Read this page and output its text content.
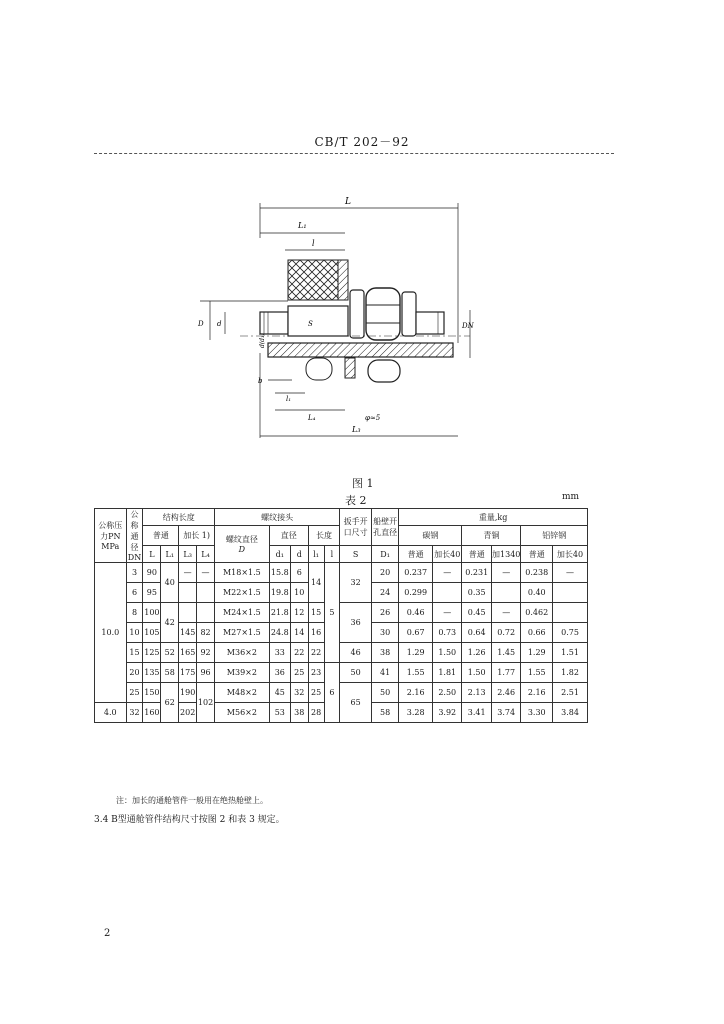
CB/T 202－92
L
L₁
l
S
D d
d(d₁)
DN
b
l₁
L₄	φ≈5
L₃
图 1
表 2	mm
公称压力PN MPa	公称通径DN	结构长度				螺纹接头					扳手开口尺寸	船壁开孔直径	重量,kg					
		普通		加长 1)		螺纹直径
D	直径		长度				碳钢		青铜		铝锌钢	
		L	L₁	L₃	L₄		d₁	d	l₁	l	S	D₁	普通	加长40	普通	加1340	普通	加长40
10.0	3	90	40	—	—	M18×1.5	15.8	6	14	5	32	20	0.237	—	0.231	—	0.238	—
	6	95				M22×1.5	19.8	10				24	0.299		0.35		0.40	
	8	100	42			M24×1.5	21.8	12	15		36	26	0.46	—	0.45	—	0.462	
	10	105		145	82	M27×1.5	24.8	14	16			30	0.67	0.73	0.64	0.72	0.66	0.75
	15	125	52	165	92	M36×2	33	22	22		46	38	1.29	1.50	1.26	1.45	1.29	1.51
	20	135	58	175	96	M39×2	36	25	23	6	50	41	1.55	1.81	1.50	1.77	1.55	1.82
	25	150	62	190	102	M48×2	45	32	25		65	50	2.16	2.50	2.13	2.46	2.16	2.51
4.0	32	160		202		M56×2	53	38	28			58	3.28	3.92	3.41	3.74	3.30	3.84
注：加长的通舱管件一般用在绝热舱壁上。
3.4 B型通舱管件结构尺寸按图 2 和表 3 规定。
2
